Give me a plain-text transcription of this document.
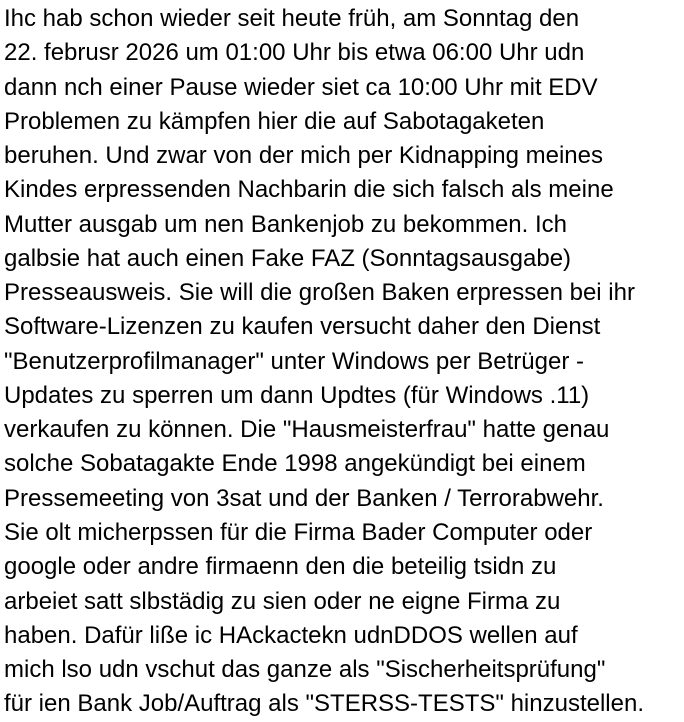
Ihc hab schon wieder seit heute früh, am Sonntag den
22. februsr 2026 um 01:00 Uhr bis etwa 06:00 Uhr udn
dann nch einer Pause wieder siet ca 10:00 Uhr mit EDV
Problemen zu kämpfen hier die auf Sabotagaketen
beruhen. Und zwar von der mich per Kidnapping meines
Kindes erpressenden Nachbarin die sich falsch als meine
Mutter ausgab um nen Bankenjob zu bekommen. Ich
galbsie hat auch einen Fake FAZ (Sonntagsausgabe)
Presseausweis. Sie will die großen Baken erpressen bei ihr
Software-Lizenzen zu kaufen versucht daher den Dienst
"Benutzerprofilmanager" unter Windows per Betrüger -
Updates zu sperren um dann Updtes (für Windows .11)
verkaufen zu können. Die "Hausmeisterfrau" hatte genau
solche Sobatagakte Ende 1998 angekündigt bei einem
Pressemeeting von 3sat und der Banken / Terrorabwehr.
Sie olt micherpssen für die Firma Bader Computer oder
google oder andre firmaenn den die beteilig tsidn zu
arbeiet satt slbstädig zu sien oder ne eigne Firma zu
haben. Dafür liße ic HAckactekn udnDDOS wellen auf
mich lso udn vschut das ganze als "Sischerheitsprüfung"
für ien Bank Job/Auftrag als "STERSS-TESTS" hinzustellen.
